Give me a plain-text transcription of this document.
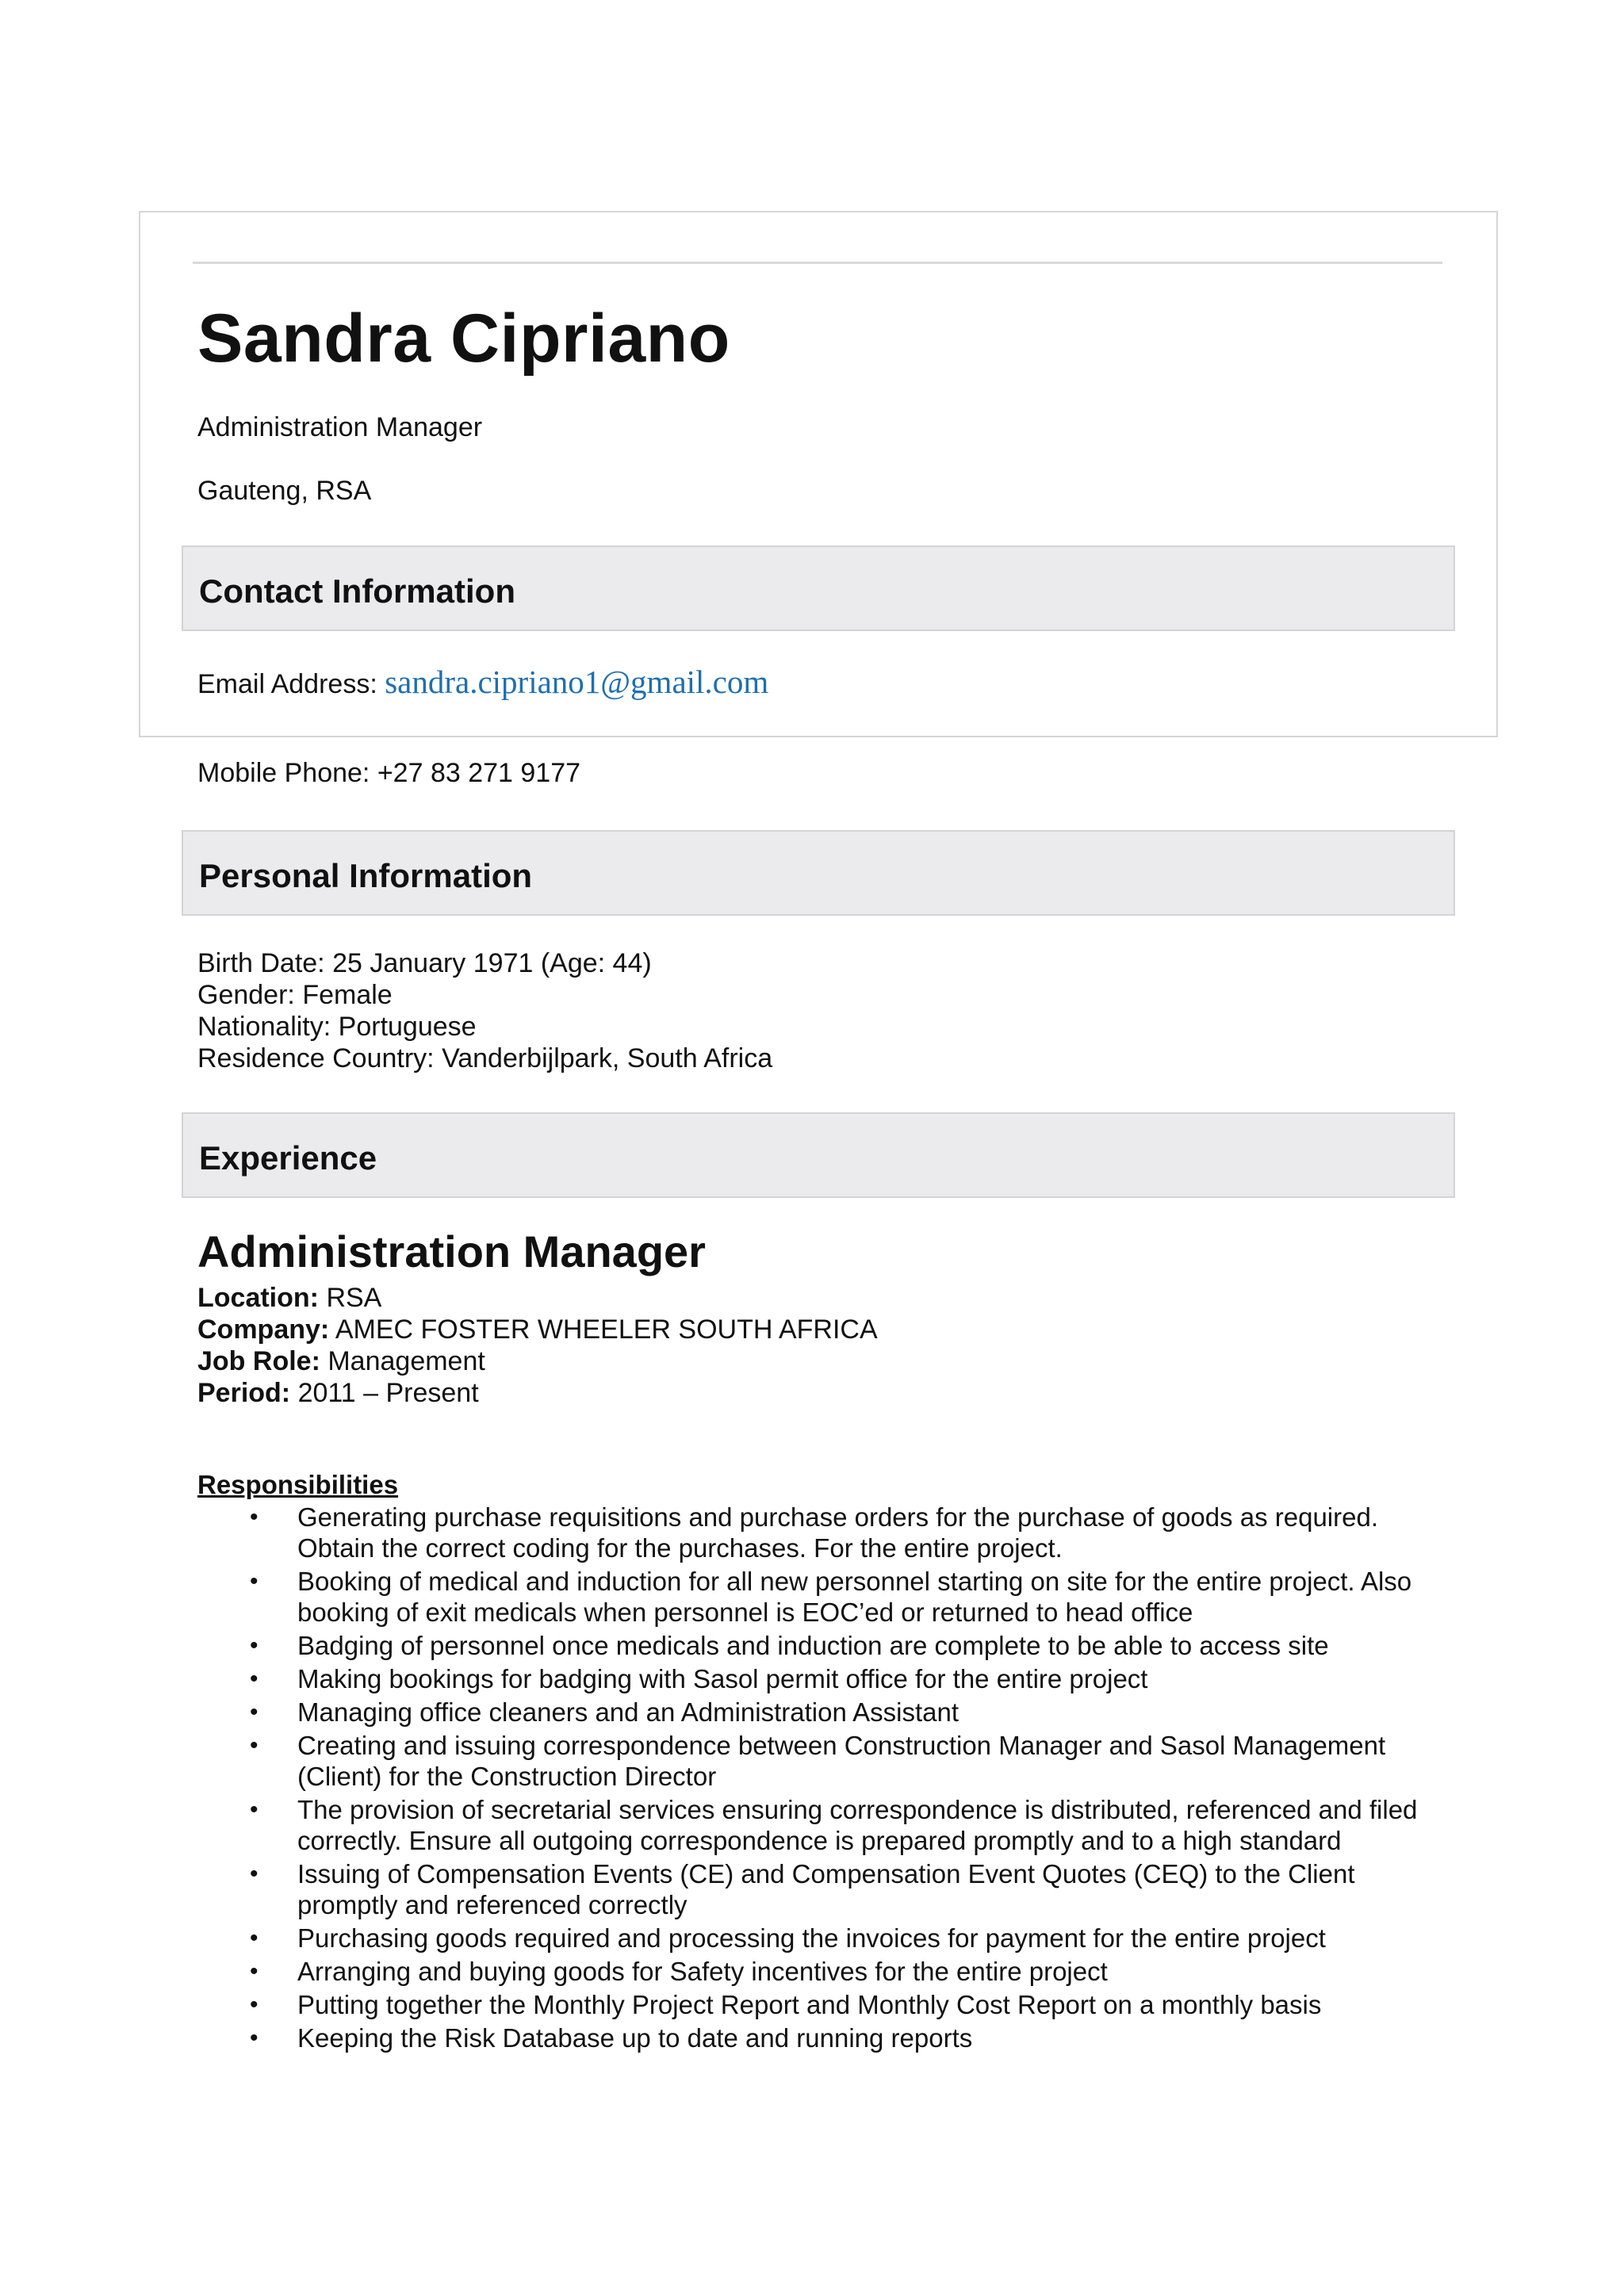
Sandra Cipriano
Administration Manager
Gauteng, RSA
Contact Information
Email Address: sandra.cipriano1@gmail.com
Mobile Phone: +27 83 271 9177
Personal Information
Birth Date: 25 January 1971 (Age: 44)
Gender: Female
Nationality: Portuguese
Residence Country: Vanderbijlpark, South Africa
Experience
Administration Manager
Location: RSA
Company: AMEC FOSTER WHEELER SOUTH AFRICA
Job Role: Management
Period: 2011 – Present
Responsibilities
• Generating purchase requisitions and purchase orders for the purchase of goods as required. Obtain the correct coding for the purchases. For the entire project.
• Booking of medical and induction for all new personnel starting on site for the entire project. Also booking of exit medicals when personnel is EOC’ed or returned to head office
• Badging of personnel once medicals and induction are complete to be able to access site
• Making bookings for badging with Sasol permit office for the entire project
• Managing office cleaners and an Administration Assistant
• Creating and issuing correspondence between Construction Manager and Sasol Management (Client) for the Construction Director
• The provision of secretarial services ensuring correspondence is distributed, referenced and filed correctly. Ensure all outgoing correspondence is prepared promptly and to a high standard
• Issuing of Compensation Events (CE) and Compensation Event Quotes (CEQ) to the Client promptly and referenced correctly
• Purchasing goods required and processing the invoices for payment for the entire project
• Arranging and buying goods for Safety incentives for the entire project
• Putting together the Monthly Project Report and Monthly Cost Report on a monthly basis
• Keeping the Risk Database up to date and running reports
